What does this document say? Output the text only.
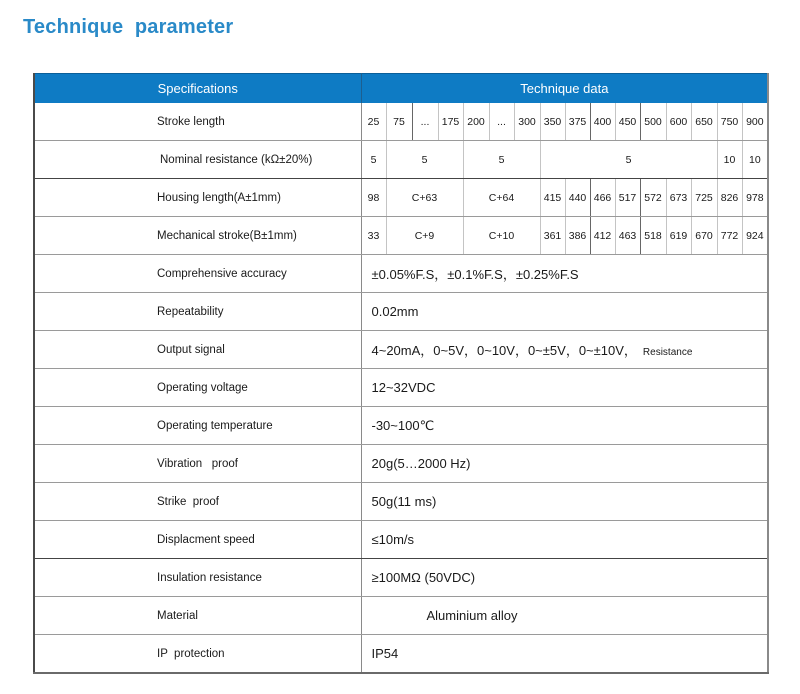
Technique  parameter
Specifications	Technique data															
Stroke length	25	75	...	175	200	...	300	350	375	400	450	500	600	650	750	900
Nominal resistance (kΩ±20%)	5	5			5			5							10	10
Housing length(A±1mm)	98	C+63			C+64			415	440	466	517	572	673	725	826	978
Mechanical stroke(B±1mm)	33	C+9			C+10			361	386	412	463	518	619	670	772	924
Comprehensive accuracy	±0.05%F.S，±0.1%F.S，±0.25%F.S															
Repeatability	0.02mm															
Output signal	4~20mA，0~5V，0~10V，0~±5V，0~±10V， Resistance															
Operating voltage	12~32VDC															
Operating temperature	-30~100℃															
Vibration   proof	20g(5…2000 Hz)															
Strike  proof	50g(11 ms)															
Displacment speed	≤10m/s															
Insulation resistance	≥100MΩ (50VDC)															
Material	Aluminium alloy															
IP  protection	IP54															
